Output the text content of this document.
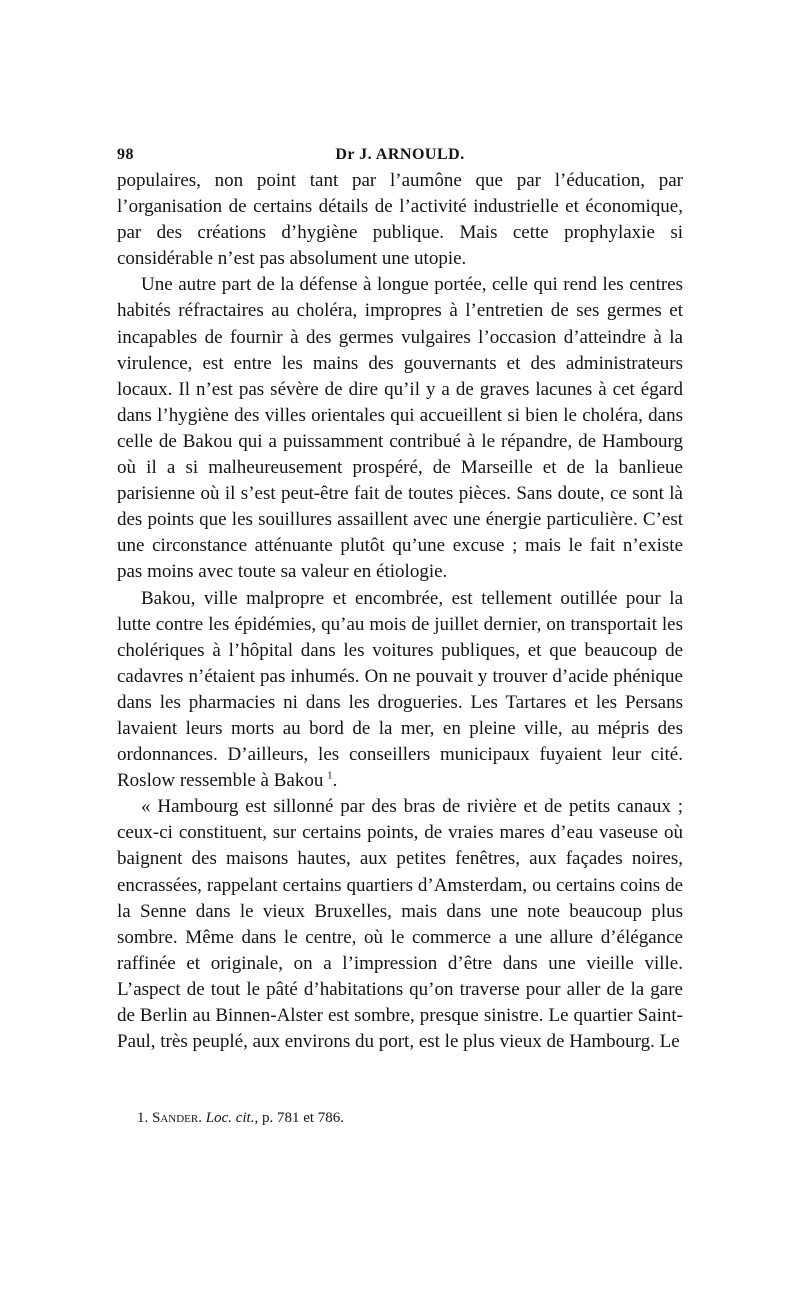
98	Dr J. ARNOULD.

populaires, non point tant par l’aumône que par l’éducation, par l’organisation de certains détails de l’activité industrielle et économique, par des créations d’hygiène publique. Mais cette prophylaxie si considérable n’est pas absolument une utopie.

Une autre part de la défense à longue portée, celle qui rend les centres habités réfractaires au choléra, impropres à l’entretien de ses germes et incapables de fournir à des germes vulgaires l’occasion d’atteindre à la virulence, est entre les mains des gouvernants et des administrateurs locaux. Il n’est pas sévère de dire qu’il y a de graves lacunes à cet égard dans l’hygiène des villes orientales qui accueillent si bien le choléra, dans celle de Bakou qui a puissamment contribué à le répandre, de Hambourg où il a si malheureusement prospéré, de Marseille et de la banlieue parisienne où il s’est peut-être fait de toutes pièces. Sans doute, ce sont là des points que les souillures assaillent avec une énergie particulière. C’est une circonstance atténuante plutôt qu’une excuse ; mais le fait n’existe pas moins avec toute sa valeur en étiologie.

Bakou, ville malpropre et encombrée, est tellement outillée pour la lutte contre les épidémies, qu’au mois de juillet dernier, on transportait les cholériques à l’hôpital dans les voitures publiques, et que beaucoup de cadavres n’étaient pas inhumés. On ne pouvait y trouver d’acide phénique dans les pharmacies ni dans les drogueries. Les Tartares et les Persans lavaient leurs morts au bord de la mer, en pleine ville, au mépris des ordonnances. D’ailleurs, les conseillers municipaux fuyaient leur cité. Roslow ressemble à Bakou  $^1$.

« Hambourg est sillonné par des bras de rivière et de petits canaux ; ceux-ci constituent, sur certains points, de vraies mares d’eau vaseuse où baignent des maisons hautes, aux petites fenêtres, aux façades noires, encrassées, rappelant certains quartiers d’Amsterdam, ou certains coins de la Senne dans le vieux Bruxelles, mais dans une note beaucoup plus sombre. Même dans le centre, où le commerce a une allure d’élégance raffinée et originale, on a l’impression d’être dans une vieille ville. L’aspect de tout le pâté d’habitations qu’on traverse pour aller de la gare de Berlin au Binnen-Alster est sombre, presque sinistre. Le quartier Saint-Paul, très peuplé, aux environs du port, est le plus vieux de Hambourg. Le

1. Sander. Loc. cit., p. 781 et 786.
